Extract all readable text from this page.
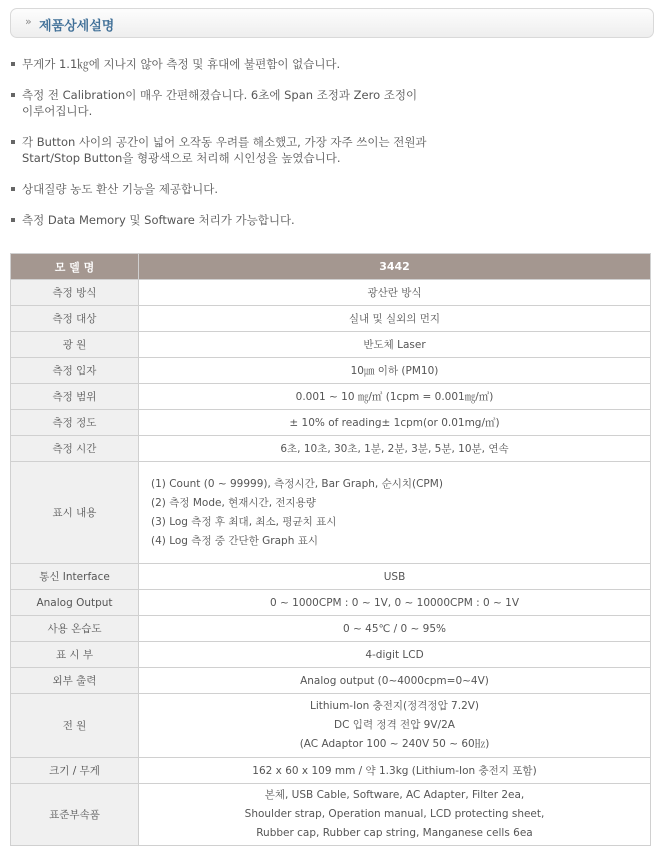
» 제품상세설명
무게가 1.1㎏에 지나지 않아 측정 및 휴대에 불편함이 없습니다.
측정 전 Calibration이 매우 간편해졌습니다. 6초에 Span 조정과 Zero 조정이
이루어집니다.
각 Button 사이의 공간이 넓어 오작동 우려를 해소했고, 가장 자주 쓰이는 전원과
Start/Stop Button을 형광색으로 처리해 시인성을 높였습니다.
상대질량 농도 환산 기능을 제공합니다.
측정 Data Memory 및 Software 처리가 가능합니다.
모 델 명	3442
측정 방식	광산란 방식
측정 대상	실내 및 실외의 먼지
광 원	반도체 Laser
측정 입자	10㎛ 이하 (PM10)
측정 범위	0.001 ~ 10 ㎎/㎥ (1cpm = 0.001㎎/㎥)
측정 정도	± 10% of reading± 1cpm(or 0.01mg/㎥)
측정 시간	6초, 10초, 30초, 1분, 2분, 3분, 5분, 10분, 연속
표시 내용	(1) Count (0 ~ 99999), 측정시간, Bar Graph, 순시치(CPM)
(2) 측정 Mode, 현재시간, 전지용량
(3) Log 측정 후 최대, 최소, 평균치 표시
(4) Log 측정 중 간단한 Graph 표시

통신 Interface	USB
Analog Output	0 ~ 1000CPM : 0 ~ 1V, 0 ~ 10000CPM : 0 ~ 1V
사용 온습도	0 ~ 45℃ / 0 ~ 95%
표 시 부	4-digit LCD
외부 출력	Analog output (0~4000cpm=0~4V)
전 원	Lithium-Ion 충전지(정격정압 7.2V)
DC 입력 정격 전압 9V/2A
(AC Adaptor 100 ~ 240V 50 ~ 60㎐)

크기 / 무게	162 x 60 x 109 mm / 약 1.3kg (Lithium-Ion 충전지 포함)
표준부속품	본체, USB Cable, Software, AC Adapter, Filter 2ea,
Shoulder strap, Operation manual, LCD protecting sheet,
Rubber cap, Rubber cap string, Manganese cells 6ea
